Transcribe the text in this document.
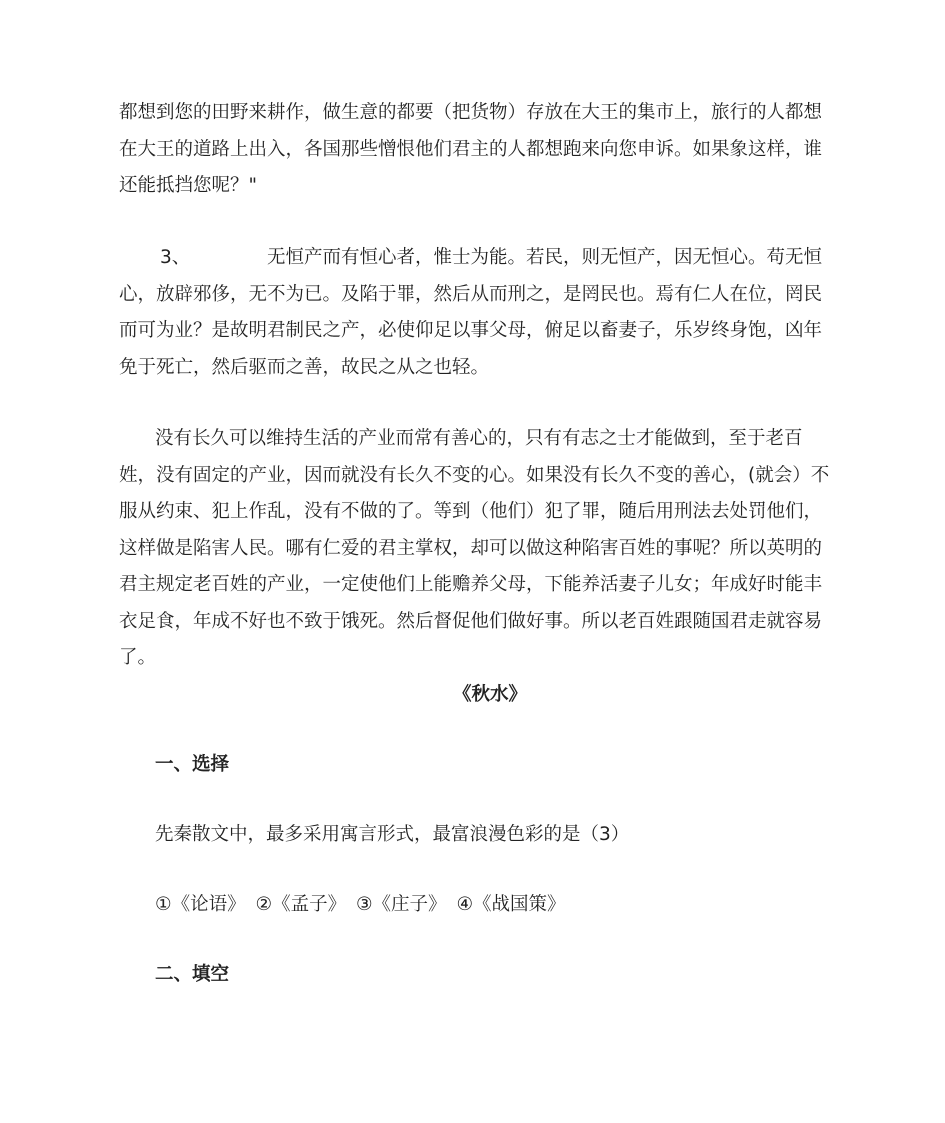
都想到您的田野来耕作，做生意的都要（把货物）存放在大王的集市上，旅行的人都想在大王的道路上出入，各国那些憎恨他们君主的人都想跑来向您申诉。如果象这样，谁还能抵挡您呢？"
3、	无恒产而有恒心者，惟士为能。若民，则无恒产，因无恒心。苟无恒心，放辟邪侈，无不为已。及陷于罪，然后从而刑之，是罔民也。焉有仁人在位，罔民而可为业？是故明君制民之产，必使仰足以事父母，俯足以畜妻子，乐岁终身饱，凶年免于死亡，然后驱而之善，故民之从之也轻。
没有长久可以维持生活的产业而常有善心的，只有有志之士才能做到，至于老百姓，没有固定的产业，因而就没有长久不变的心。如果没有长久不变的善心，(就会）不服从约束、犯上作乱，没有不做的了。等到（他们）犯了罪，随后用刑法去处罚他们，这样做是陷害人民。哪有仁爱的君主掌权，却可以做这种陷害百姓的事呢？所以英明的君主规定老百姓的产业，一定使他们上能赡养父母，下能养活妻子儿女；年成好时能丰衣足食，年成不好也不致于饿死。然后督促他们做好事。所以老百姓跟随国君走就容易了。
《秋水》
一、选择
先秦散文中，最多采用寓言形式，最富浪漫色彩的是（3）
①《论语》 ②《孟子》 ③《庄子》 ④《战国策》
二、填空
